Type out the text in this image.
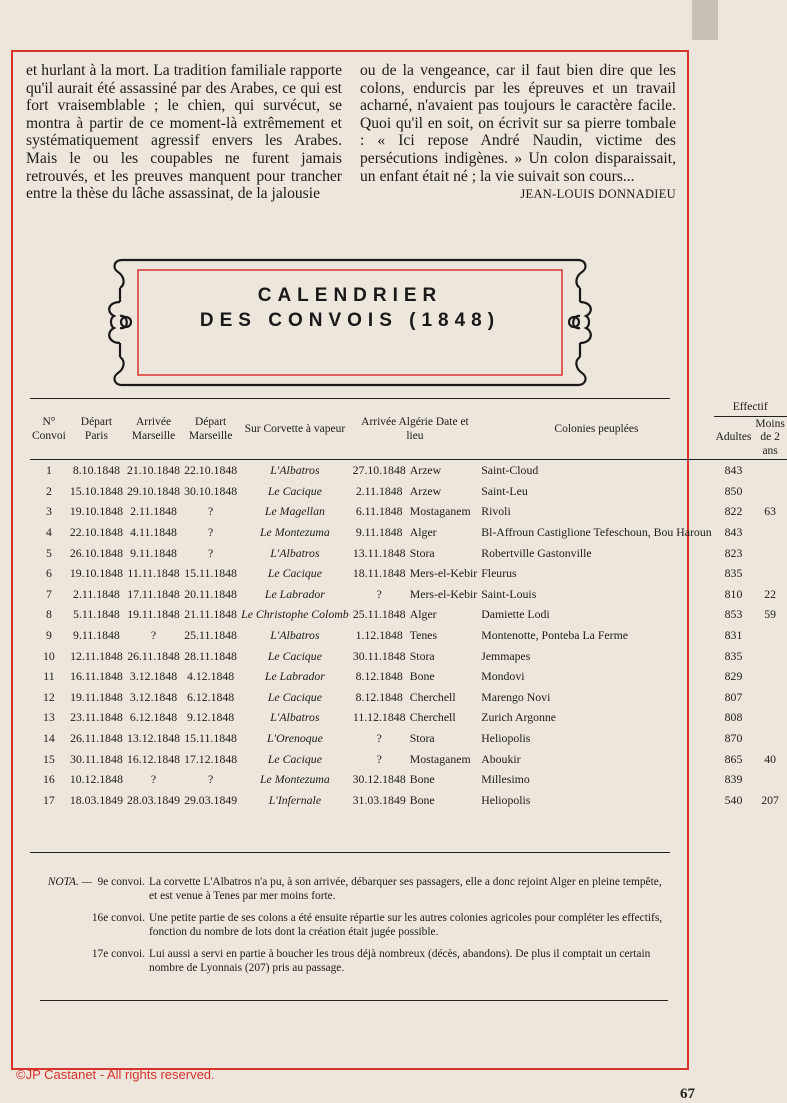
et hurlant à la mort. La tradition familiale rapporte qu'il aurait été assassiné par des Arabes, ce qui est fort vraisemblable ; le chien, qui survécut, se montra à partir de ce moment-là extrêmement et systématiquement agressif envers les Arabes. Mais le ou les coupables ne furent jamais retrouvés, et les preuves manquent pour trancher entre la thèse du lâche assassinat, de la jalousie
ou de la vengeance, car il faut bien dire que les colons, endurcis par les épreuves et un travail acharné, n'avaient pas toujours le caractère facile. Quoi qu'il en soit, on écrivit sur sa pierre tombale : « Ici repose André Naudin, victime des persécutions indigènes. » Un colon disparaissait, un enfant était né ; la vie suivait son cours...
JEAN-LOUIS DONNADIEU
CALENDRIER
DES CONVOIS (1848)
N° Convoi	Départ Paris	Arrivée Marseille	Départ Marseille	Sur Corvette à vapeur	Arrivée Algérie Date et lieu		Colonies peuplées	Effectif	
								Adultes	Moins de 2 ans
1	8.10.1848	21.10.1848	22.10.1848	L'Albatros	27.10.1848	Arzew	Saint-Cloud	843	
2	15.10.1848	29.10.1848	30.10.1848	Le Cacique	2.11.1848	Arzew	Saint-Leu	850	
3	19.10.1848	2.11.1848	?	Le Magellan	6.11.1848	Mostaganem	Rivoli	822	63
4	22.10.1848	4.11.1848	?	Le Montezuma	9.11.1848	Alger	Bl-Affroun Castiglione Tefeschoun, Bou Haroun	843	
5	26.10.1848	9.11.1848	?	L'Albatros	13.11.1848	Stora	Robertville Gastonville	823	
6	19.10.1848	11.11.1848	15.11.1848	Le Cacique	18.11.1848	Mers-el-Kebir	Fleurus	835	
7	2.11.1848	17.11.1848	20.11.1848	Le Labrador	?	Mers-el-Kebir	Saint-Louis	810	22
8	5.11.1848	19.11.1848	21.11.1848	Le Christophe Colomb	25.11.1848	Alger	Damiette Lodi	853	59
9	9.11.1848	?	25.11.1848	L'Albatros	1.12.1848	Tenes	Montenotte, Ponteba La Ferme	831	
10	12.11.1848	26.11.1848	28.11.1848	Le Cacique	30.11.1848	Stora	Jemmapes	835	
11	16.11.1848	3.12.1848	4.12.1848	Le Labrador	8.12.1848	Bone	Mondovi	829	
12	19.11.1848	3.12.1848	6.12.1848	Le Cacique	8.12.1848	Cherchell	Marengo Novi	807	
13	23.11.1848	6.12.1848	9.12.1848	L'Albatros	11.12.1848	Cherchell	Zurich Argonne	808	
14	26.11.1848	13.12.1848	15.11.1848	L'Orenoque	?	Stora	Heliopolis	870	
15	30.11.1848	16.12.1848	17.12.1848	Le Cacique	?	Mostaganem	Aboukir	865	40
16	10.12.1848	?	?	Le Montezuma	30.12.1848	Bone	Millesimo	839	
17	18.03.1849	28.03.1849	29.03.1849	L'Infernale	31.03.1849	Bone	Heliopolis	540	207
NOTA. — 9e convoi. La corvette L'Albatros n'a pu, à son arrivée, débarquer ses passagers, elle a donc rejoint Alger en pleine tempête, et est venue à Tenes par mer moins forte.
16e convoi. Une petite partie de ses colons a été ensuite répartie sur les autres colonies agricoles pour compléter les effectifs, fonction du nombre de lots dont la création était jugée possible.
17e convoi. Lui aussi a servi en partie à boucher les trous déjà nombreux (décès, abandons). De plus il comptait un certain nombre de Lyonnais (207) pris au passage.
©JP Castanet - All rights reserved.
67
